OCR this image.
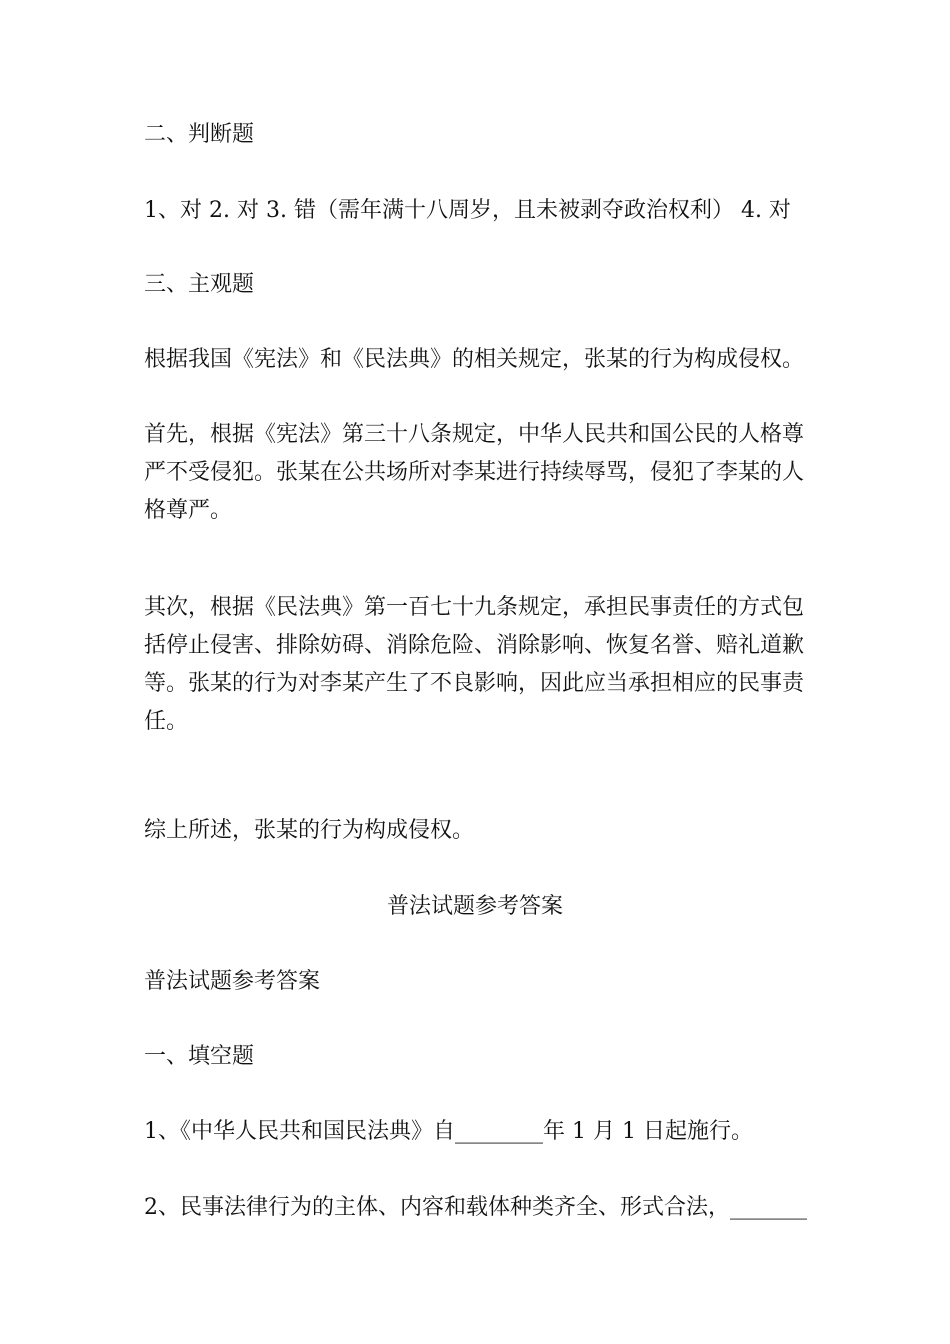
二、判断题

1、对 2. 对 3. 错（需年满十八周岁，且未被剥夺政治权利） 4. 对

三、主观题

根据我国《宪法》和《民法典》的相关规定，张某的行为构成侵权。

首先，根据《宪法》第三十八条规定，中华人民共和国公民的人格尊
严不受侵犯。张某在公共场所对李某进行持续辱骂，侵犯了李某的人
格尊严。
其次，根据《民法典》第一百七十九条规定，承担民事责任的方式包
括停止侵害、排除妨碍、消除危险、消除影响、恢复名誉、赔礼道歉
等。张某的行为对李某产生了不良影响，因此应当承担相应的民事责
任。

综上所述，张某的行为构成侵权。

普法试题参考答案

普法试题参考答案

一、填空题

1、《中华人民共和国民法典》自________年 1 月 1 日起施行。

2、民事法律行为的主体、内容和载体种类齐全、形式合法，_______
